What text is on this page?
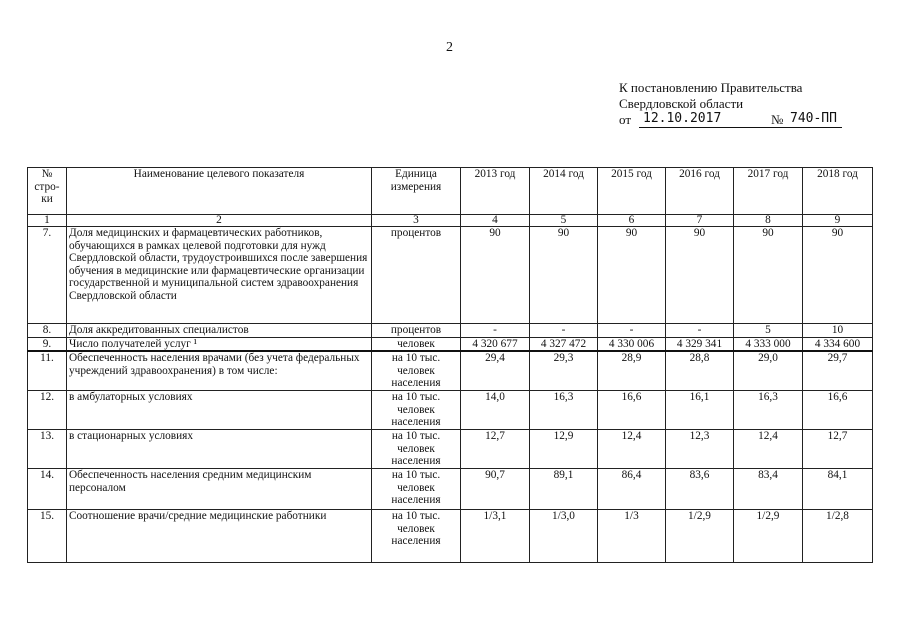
2
К постановлению Правительства
Свердловской области
от 12.10.2017	№ 740-ПП
№ стро-ки	Наименование целевого показателя	Единица измерения	2013 год	2014 год	2015 год	2016 год	2017 год	2018 год
1	2	3	4	5	6	7	8	9
7.	Доля медицинских и фармацевтических работников, обучающихся в рамках целевой подготовки для нужд Свердловской области, трудоустроившихся после завершения обучения в медицинские или фармацевтические организации государственной и муниципальной систем здравоохранения Свердловской области	процентов	90	90	90	90	90	90
8.	Доля аккредитованных специалистов	процентов	-	-	-	-	5	10
9.	Число получателей услуг ¹	человек	4 320 677	4 327 472	4 330 006	4 329 341	4 333 000	4 334 600
11.	Обеспеченность населения врачами (без учета федеральных учреждений здравоохранения) в том числе:	на 10 тыс. человек населения	29,4	29,3	28,9	28,8	29,0	29,7
12.	в амбулаторных условиях	на 10 тыс. человек населения	14,0	16,3	16,6	16,1	16,3	16,6
13.	в стационарных условиях	на 10 тыс. человек населения	12,7	12,9	12,4	12,3	12,4	12,7
14.	Обеспеченность населения средним медицинским персоналом	на 10 тыс. человек населения	90,7	89,1	86,4	83,6	83,4	84,1
15.	Соотношение врачи/средние медицинские работники	на 10 тыс. человек населения	1/3,1	1/3,0	1/3	1/2,9	1/2,9	1/2,8
